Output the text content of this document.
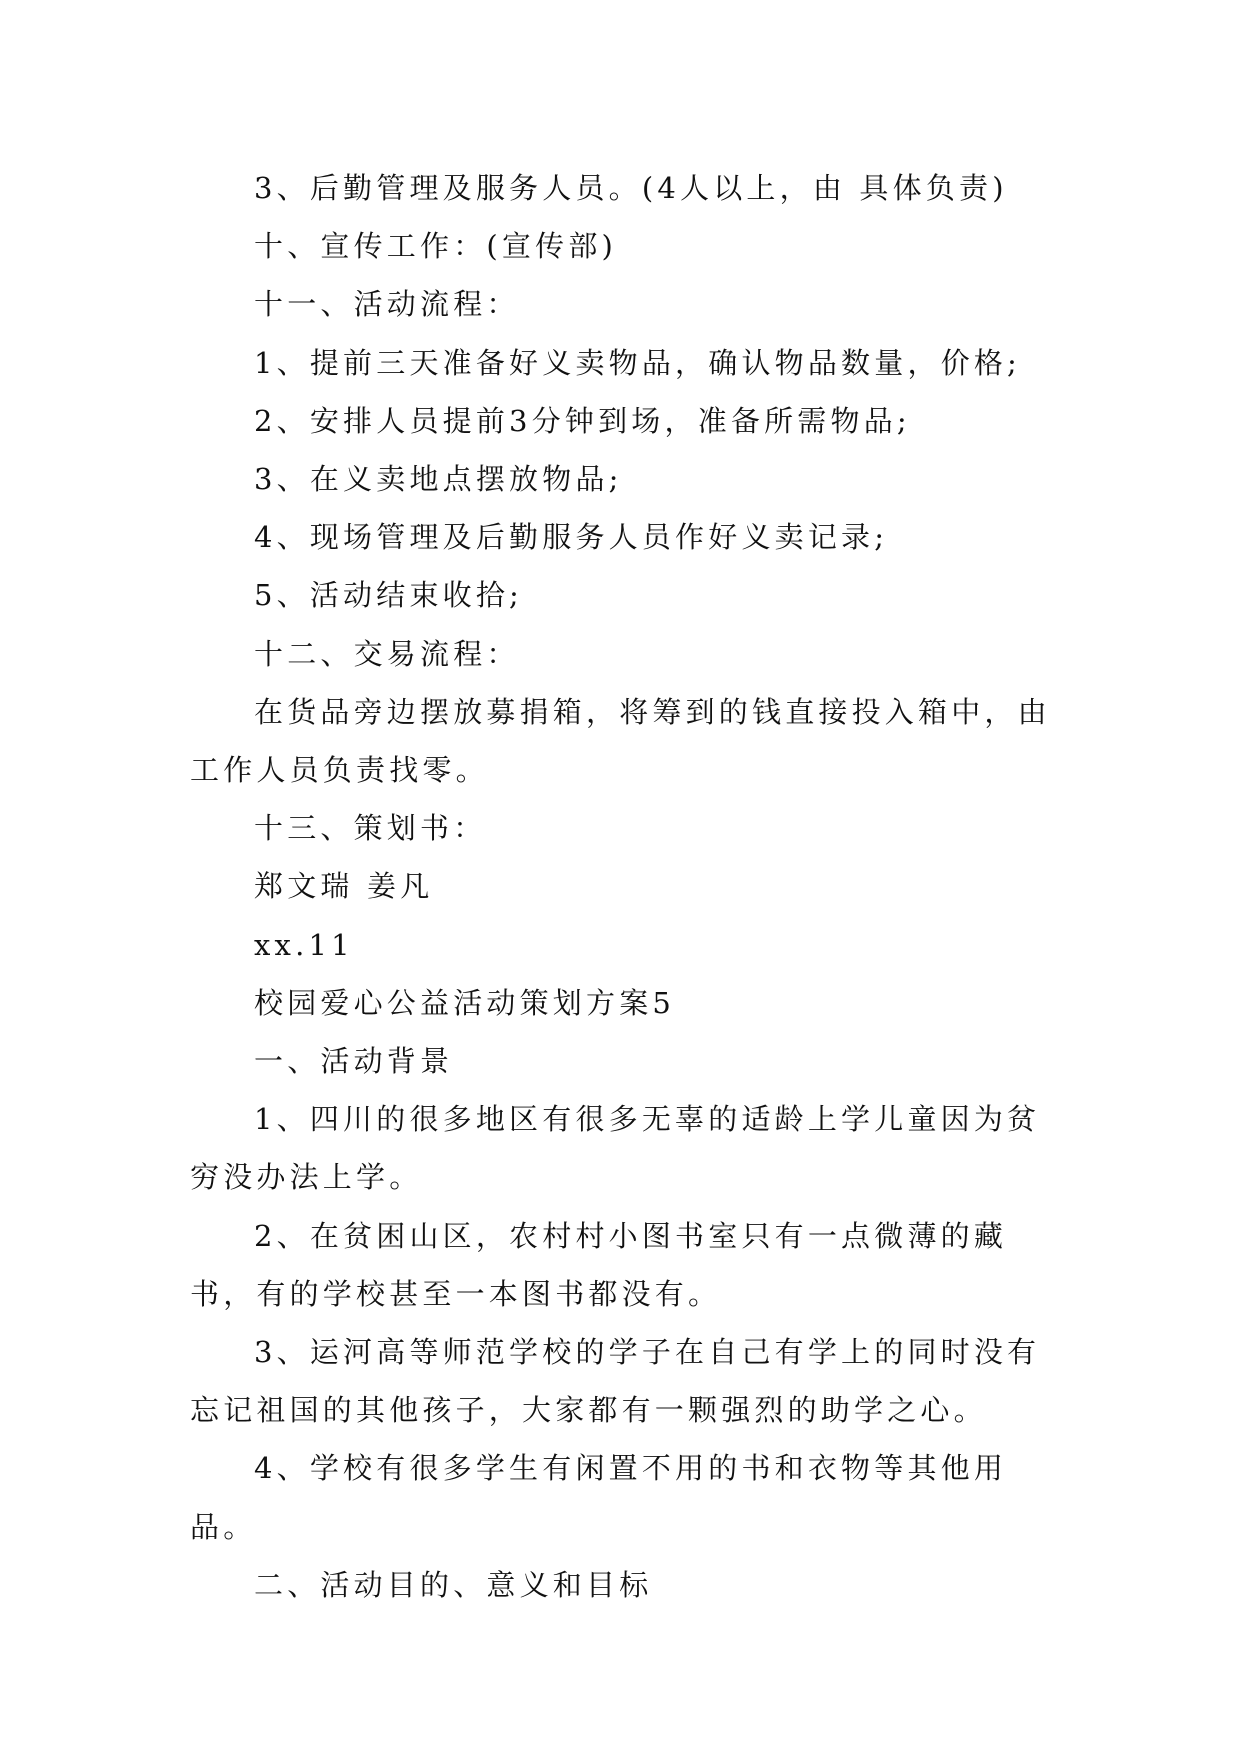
3、后勤管理及服务人员。(4人以上，由 具体负责)

十、宣传工作：(宣传部)

十一、活动流程：

1、提前三天准备好义卖物品，确认物品数量，价格;

2、安排人员提前3分钟到场，准备所需物品;

3、在义卖地点摆放物品;

4、现场管理及后勤服务人员作好义卖记录;

5、活动结束收拾;

十二、交易流程：

在货品旁边摆放募捐箱，将筹到的钱直接投入箱中，由工作人员负责找零。

十三、策划书：

郑文瑞 姜凡

xx.11

校园爱心公益活动策划方案5

一、活动背景

1、四川的很多地区有很多无辜的适龄上学儿童因为贫穷没办法上学。

2、在贫困山区，农村村小图书室只有一点微薄的藏书，有的学校甚至一本图书都没有。

3、运河高等师范学校的学子在自己有学上的同时没有忘记祖国的其他孩子，大家都有一颗强烈的助学之心。

4、学校有很多学生有闲置不用的书和衣物等其他用品。

二、活动目的、意义和目标
